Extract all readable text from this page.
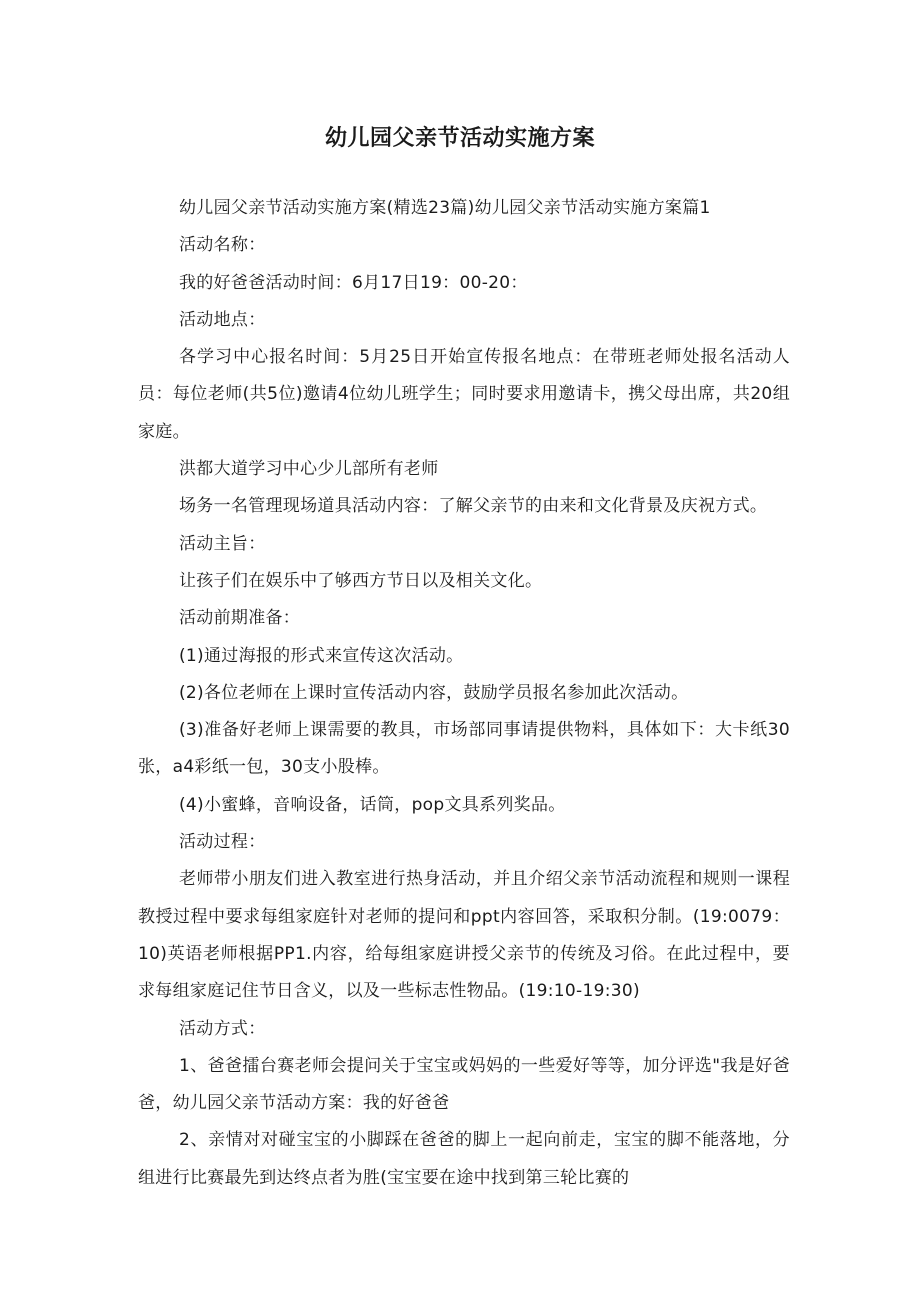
幼儿园父亲节活动实施方案

幼儿园父亲节活动实施方案(精选23篇)幼儿园父亲节活动实施方案篇1

活动名称：

我的好爸爸活动时间：6月17日19：00-20：

活动地点：

各学习中心报名时间：5月25日开始宣传报名地点：在带班老师处报名活动人员：每位老师(共5位)邀请4位幼儿班学生；同时要求用邀请卡，携父母出席，共20组家庭。

洪都大道学习中心少儿部所有老师

场务一名管理现场道具活动内容：了解父亲节的由来和文化背景及庆祝方式。

活动主旨：

让孩子们在娱乐中了够西方节日以及相关文化。

活动前期准备：

(1)通过海报的形式来宣传这次活动。

(2)各位老师在上课时宣传活动内容，鼓励学员报名参加此次活动。

(3)准备好老师上课需要的教具，市场部同事请提供物料，具体如下：大卡纸30张，a4彩纸一包，30支小股棒。

(4)小蜜蜂，音响设备，话筒，pop文具系列奖品。

活动过程：

老师带小朋友们进入教室进行热身活动，并且介绍父亲节活动流程和规则一课程教授过程中要求每组家庭针对老师的提问和ppt内容回答，采取积分制。(19:0079：10)英语老师根据PP1.内容，给每组家庭讲授父亲节的传统及习俗。在此过程中，要求每组家庭记住节日含义，以及一些标志性物品。(19:10-19:30)

活动方式：

1、爸爸擂台赛老师会提问关于宝宝或妈妈的一些爱好等等，加分评选"我是好爸爸，幼儿园父亲节活动方案：我的好爸爸

2、亲情对对碰宝宝的小脚踩在爸爸的脚上一起向前走，宝宝的脚不能落地，分组进行比赛最先到达终点者为胜(宝宝要在途中找到第三轮比赛的
